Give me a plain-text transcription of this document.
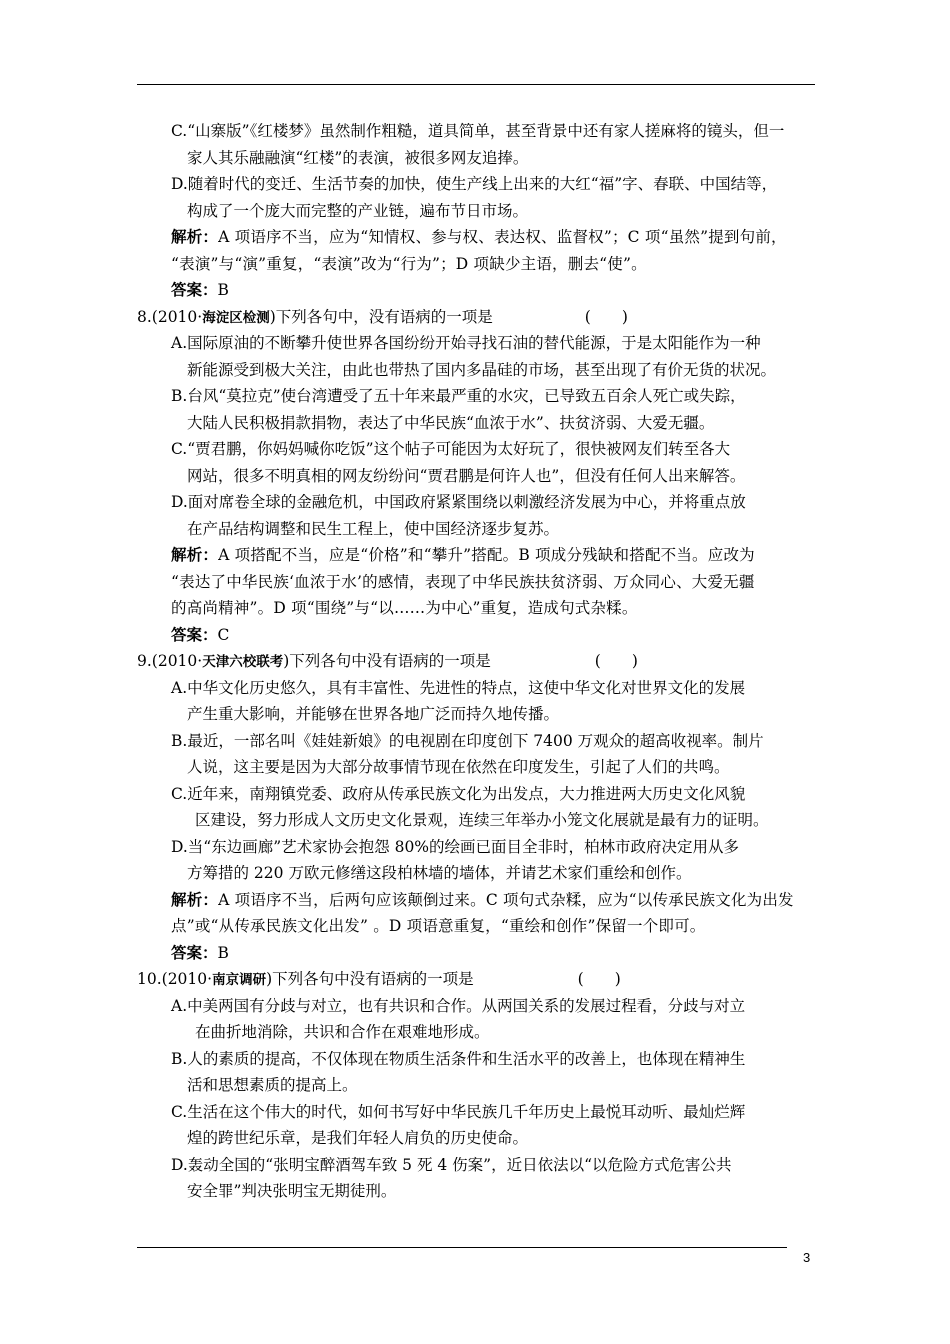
C.“山寨版”《红楼梦》虽然制作粗糙，道具简单，甚至背景中还有家人搓麻将的镜头，但一
家人其乐融融演“红楼”的表演，被很多网友追捧。
D.随着时代的变迁、生活节奏的加快，使生产线上出来的大红“福”字、春联、中国结等，
构成了一个庞大而完整的产业链，遍布节日市场。
解析：A 项语序不当，应为“知情权、参与权、表达权、监督权”；C 项“虽然”提到句前，
“表演”与“演”重复，“表演”改为“行为”；D 项缺少主语，删去“使”。
答案：B
8.(2010·海淀区检测)下列各句中，没有语病的一项是	(　　)
A.国际原油的不断攀升使世界各国纷纷开始寻找石油的替代能源，于是太阳能作为一种
新能源受到极大关注，由此也带热了国内多晶硅的市场，甚至出现了有价无货的状况。
B.台风“莫拉克”使台湾遭受了五十年来最严重的水灾，已导致五百余人死亡或失踪，
大陆人民积极捐款捐物，表达了中华民族“血浓于水”、扶贫济弱、大爱无疆。
C.“贾君鹏，你妈妈喊你吃饭”这个帖子可能因为太好玩了，很快被网友们转至各大
网站，很多不明真相的网友纷纷问“贾君鹏是何许人也”，但没有任何人出来解答。
D.面对席卷全球的金融危机，中国政府紧紧围绕以刺激经济发展为中心，并将重点放
在产品结构调整和民生工程上，使中国经济逐步复苏。
解析：A 项搭配不当，应是“价格”和“攀升”搭配。B 项成分残缺和搭配不当。应改为
“表达了中华民族‘血浓于水’的感情，表现了中华民族扶贫济弱、万众同心、大爱无疆
的高尚精神”。D 项“围绕”与“以……为中心”重复，造成句式杂糅。
答案：C
9.(2010·天津六校联考)下列各句中没有语病的一项是	(　　)
A.中华文化历史悠久，具有丰富性、先进性的特点，这使中华文化对世界文化的发展
产生重大影响，并能够在世界各地广泛而持久地传播。
B.最近，一部名叫《娃娃新娘》的电视剧在印度创下 7400 万观众的超高收视率。制片
人说，这主要是因为大部分故事情节现在依然在印度发生，引起了人们的共鸣。
C.近年来，南翔镇党委、政府从传承民族文化为出发点，大力推进两大历史文化风貌
区建设，努力形成人文历史文化景观，连续三年举办小笼文化展就是最有力的证明。
D.当“东边画廊”艺术家协会抱怨 80%的绘画已面目全非时，柏林市政府决定用从多
方筹措的 220 万欧元修缮这段柏林墙的墙体，并请艺术家们重绘和创作。
解析：A 项语序不当，后两句应该颠倒过来。C 项句式杂糅，应为“以传承民族文化为出发
点”或“从传承民族文化出发” 。D 项语意重复，“重绘和创作”保留一个即可。
答案：B
10.(2010·南京调研)下列各句中没有语病的一项是	(　　)
A.中美两国有分歧与对立，也有共识和合作。从两国关系的发展过程看，分歧与对立
在曲折地消除，共识和合作在艰难地形成。
B.人的素质的提高，不仅体现在物质生活条件和生活水平的改善上，也体现在精神生
活和思想素质的提高上。
C.生活在这个伟大的时代，如何书写好中华民族几千年历史上最悦耳动听、最灿烂辉
煌的跨世纪乐章，是我们年轻人肩负的历史使命。
D.轰动全国的“张明宝醉酒驾车致 5 死 4 伤案”，近日依法以“以危险方式危害公共
安全罪”判决张明宝无期徒刑。
3
